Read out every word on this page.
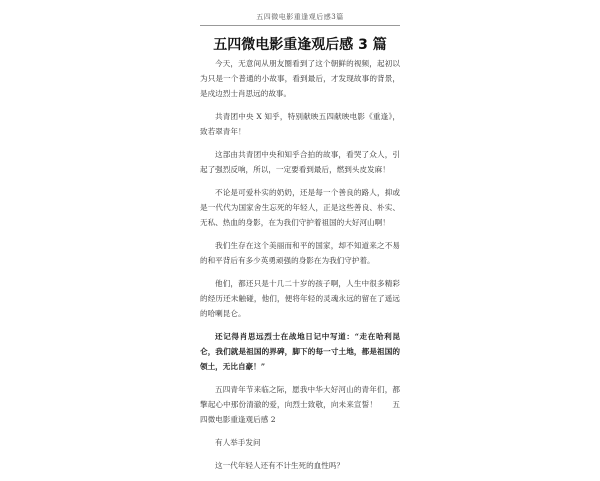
五四微电影重逢观后感3篇
五四微电影重逢观后感 3 篇

今天，无意间从朋友圈看到了这个朝鲜的视频，起初以为只是一个普通的小故事，看到最后，才发现故事的背景，是戍边烈士肖思远的故事。

共青团中央 X 知乎，特别献映五四献映电影《重逢》，致若翠青年！

这部由共青团中央和知乎合拍的故事，看哭了众人，引起了强烈反响，所以，一定要看到最后，燃到头皮发麻！

不论是可爱朴实的奶奶，还是每一个善良的路人，抑或是一代代为国家舍生忘死的年轻人，正是这些善良、朴实、无私、热血的身影，在为我们守护着祖国的大好河山啊！

我们生存在这个美丽而和平的国家，却不知道来之不易的和平背后有多少英勇顽强的身影在为我们守护着。

他们，都还只是十几二十岁的孩子啊，人生中很多精彩的经历还未触碰，他们，便将年轻的灵魂永远的留在了遥远的哈喇昆仑。

还记得肖思远烈士在战地日记中写道：“走在哈利昆仑，我们就是祖国的界碑，脚下的每一寸土地，都是祖国的领土，无比自豪！”

五四青年节来临之际，愿我中华大好河山的青年们，都擎起心中那份清澈的爱，向烈士致敬，向未来宣誓！　　五四微电影重逢观后感 2

有人举手发问

这一代年轻人还有不计生死的血性吗？
